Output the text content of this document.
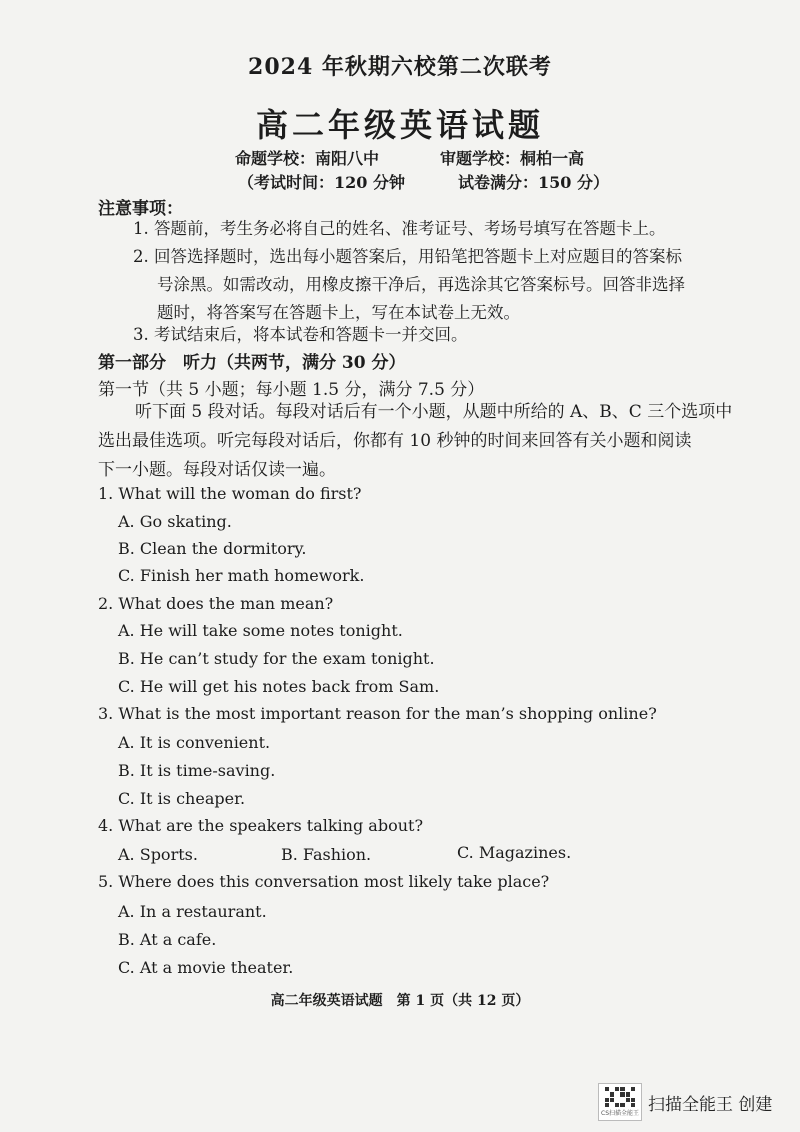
2024 年秋期六校第二次联考
高二年级英语试题
命题学校：南阳八中	审题学校：桐柏一高
（考试时间：120 分钟	试卷满分：150 分）
注意事项：
1. 答题前，考生务必将自己的姓名、准考证号、考场号填写在答题卡上。
2. 回答选择题时，选出每小题答案后，用铅笔把答题卡上对应题目的答案标
号涂黑。如需改动，用橡皮擦干净后，再选涂其它答案标号。回答非选择
题时，将答案写在答题卡上，写在本试卷上无效。
3. 考试结束后，将本试卷和答题卡一并交回。
第一部分　听力（共两节，满分 30 分）
第一节（共 5 小题；每小题 1.5 分，满分 7.5 分）
听下面 5 段对话。每段对话后有一个小题，从题中所给的 A、B、C 三个选项中
选出最佳选项。听完每段对话后，你都有 10 秒钟的时间来回答有关小题和阅读
下一小题。每段对话仅读一遍。
1. What will the woman do first?
A. Go skating.
B. Clean the dormitory.
C. Finish her math homework.
2. What does the man mean?
A. He will take some notes tonight.
B. He can’t study for the exam tonight.
C. He will get his notes back from Sam.
3. What is the most important reason for the man’s shopping online?
A. It is convenient.
B. It is time-saving.
C. It is cheaper.
4. What are the speakers talking about?
A. Sports.	B. Fashion.	C. Magazines.
5. Where does this conversation most likely take place?
A. In a restaurant.
B. At a cafe.
C. At a movie theater.
高二年级英语试题　第 1 页（共 12 页）
CS扫描全能王 扫描全能王 创建
